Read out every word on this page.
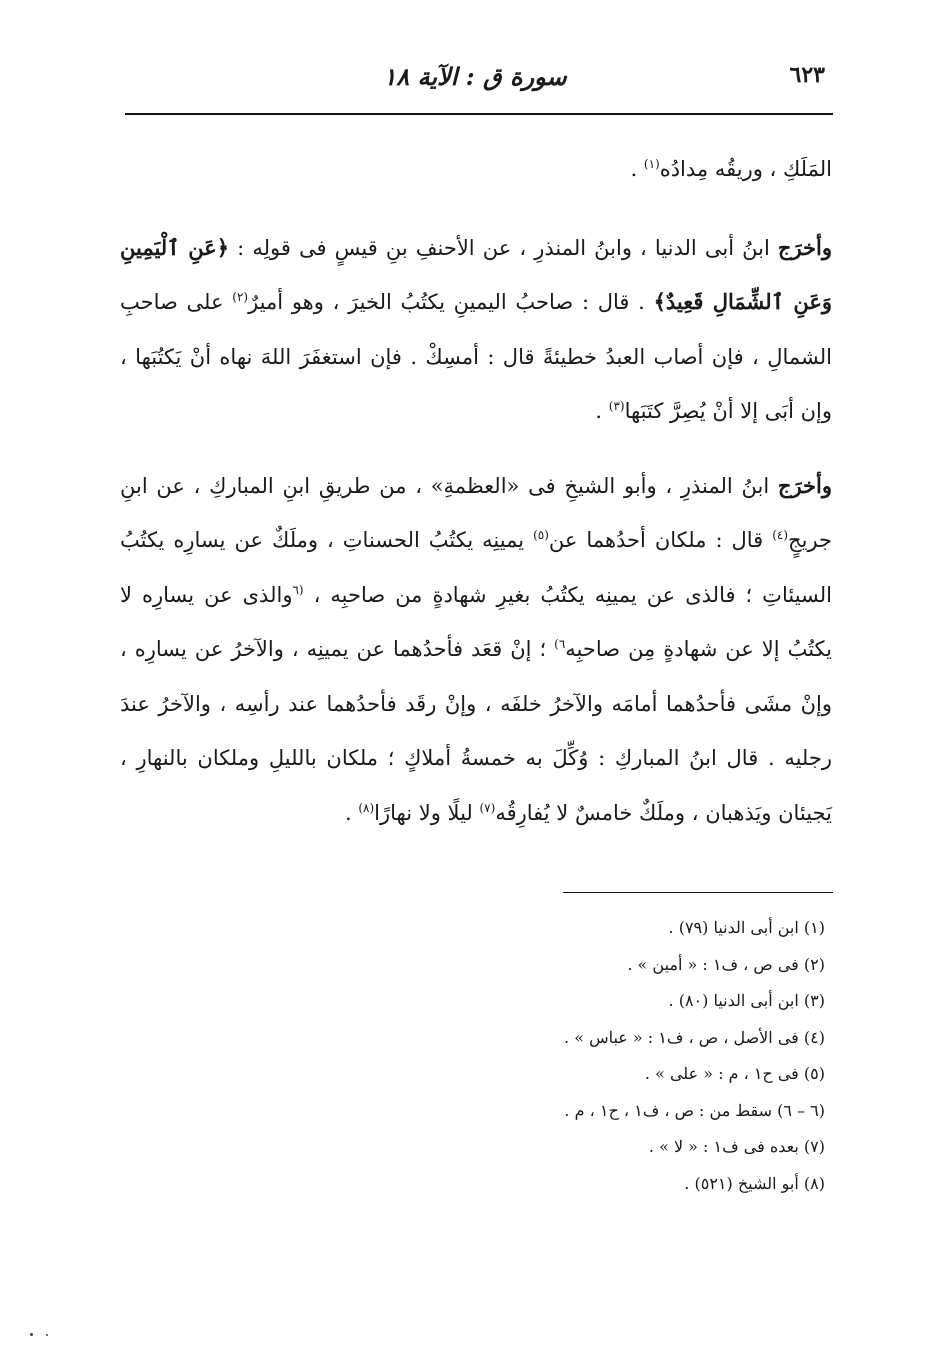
٦٢٣
سورة ق : الآية ١٨

المَلَكِ ، وريقُه مِدادُه$^{(١)}$ .

وأخرَج ابنُ أبى الدنيا ، وابنُ المنذرِ ، عن الأحنفِ بنِ قيسٍ فى قولِه : ﴿عَنِ ٱلْيَمِينِ وَعَنِ ٱلشِّمَالِ قَعِيدٌ﴾ . قال : صاحبُ اليمينِ يكتُبُ الخيرَ ، وهو أميرٌ$^{(٢)}$ على صاحبِ الشمالِ ، فإن أصاب العبدُ خطيئةً قال : أمسِكْ . فإن استغفَرَ اللهَ نهاه أنْ يَكتُبَها ، وإن أبَى إلا أنْ يُصِرَّ كتَبَها$^{(٣)}$ .

وأخرَج ابنُ المنذرِ ، وأبو الشيخِ فى «العظمةِ» ، من طريقِ ابنِ المباركِ ، عن ابنِ جريجٍ$^{(٤)}$ قال : ملكان أحدُهما عن$^{(٥)}$ يمينِه يكتُبُ الحسناتِ ، وملَكٌ عن يسارِه يكتُبُ السيئاتِ ؛ فالذى عن يمينِه يكتُبُ بغيرِ شهادةٍ من صاحبِه ، $^{(٦}$والذى عن يسارِه لا يكتُبُ إلا عن شهادةٍ مِن صاحبِه$^{٦)}$ ؛ إنْ قعَد فأحدُهما عن يمينِه ، والآخرُ عن يسارِه ، وإنْ مشَى فأحدُهما أمامَه والآخرُ خلفَه ، وإنْ رقَد فأحدُهما عند رأسِه ، والآخرُ عندَ رجليه . قال ابنُ المباركِ : وُكِّلَ به خمسةُ أملاكٍ ؛ ملكان بالليلِ وملكان بالنهارِ ، يَجيئان ويَذهبان ، وملَكٌ خامسٌ لا يُفارِقُه$^{(٧)}$ ليلًا ولا نهارًا$^{(٨)}$ .

(١) ابن أبى الدنيا (٧٩) .
(٢) فى ص ، ف١ : « أمين » .
(٣) ابن أبى الدنيا (٨٠) .
(٤) فى الأصل ، ص ، ف١ : « عباس » .
(٥) فى ح١ ، م : « على » .
(٦ – ٦) سقط من : ص ، ف١ ، ح١ ، م .
(٧) بعده فى ف١ : « لا » .
(٨) أبو الشيخ (٥٢١) .
